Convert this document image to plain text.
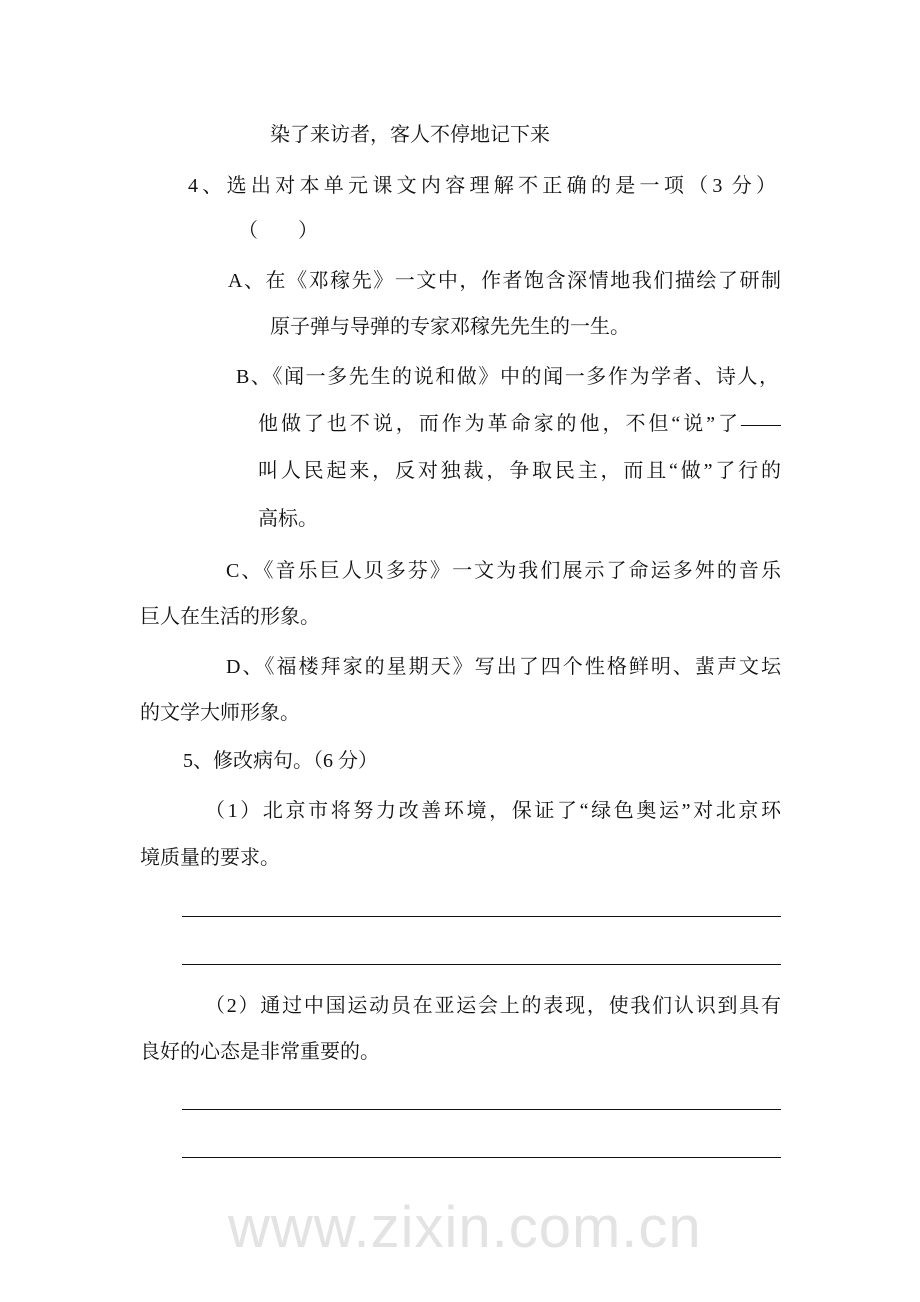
www.zixin.com.cn
染了来访者，客人不停地记下来
4、选出对本单元课文内容理解不正确的是一项（3 分）
（　　）
A、在《邓稼先》一文中，作者饱含深情地我们描绘了研制
原子弹与导弹的专家邓稼先先生的一生。
B、《闻一多先生的说和做》中的闻一多作为学者、诗人，
他做了也不说，而作为革命家的他，不但“说”了——
叫人民起来，反对独裁，争取民主，而且“做”了行的
高标。
C、《音乐巨人贝多芬》一文为我们展示了命运多舛的音乐
巨人在生活的形象。
D、《福楼拜家的星期天》写出了四个性格鲜明、蜚声文坛
的文学大师形象。
5、修改病句。（6 分）
（1）北京市将努力改善环境，保证了“绿色奥运”对北京环
境质量的要求。
（2）通过中国运动员在亚运会上的表现，使我们认识到具有
良好的心态是非常重要的。
